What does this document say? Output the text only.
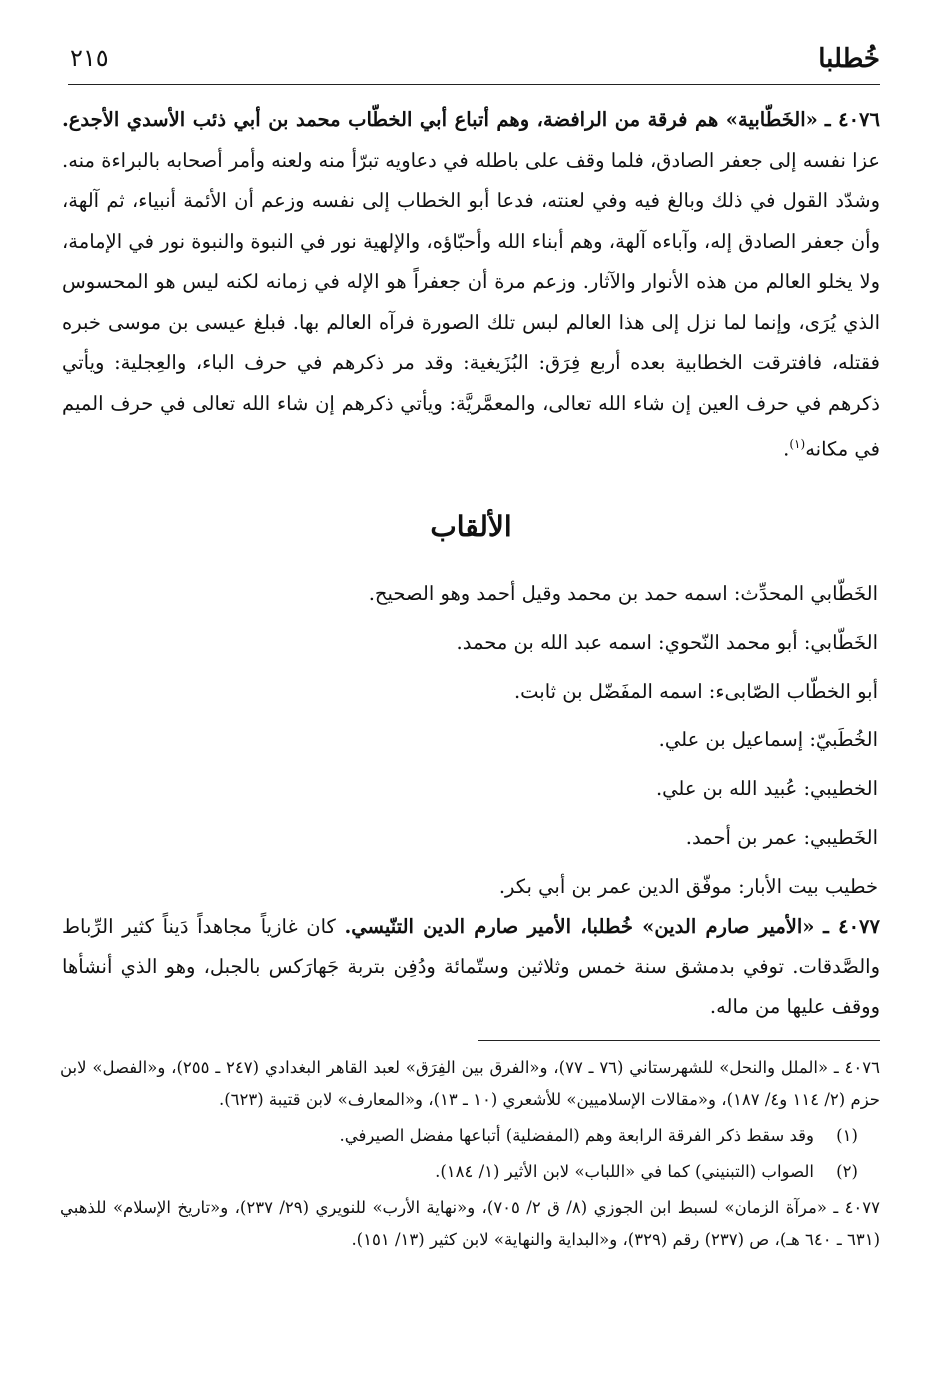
خُطلبا
٢١٥

٤٠٧٦ ـ «الخَطّابية» هم فرقة من الرافضة، وهم أتباع أبي الخطّاب محمد بن أبي ذئب الأسدي الأجدع. عزا نفسه إلى جعفر الصادق، فلما وقف على باطله في دعاويه تبرّأ منه ولعنه وأمر أصحابه بالبراءة منه. وشدّد القول في ذلك وبالغ فيه وفي لعنته، فدعا أبو الخطاب إلى نفسه وزعم أن الأئمة أنبياء، ثم آلهة، وأن جعفر الصادق إله، وآباءه آلهة، وهم أبناء الله وأحبّاؤه، والإلهية نور في النبوة والنبوة نور في الإمامة، ولا يخلو العالم من هذه الأنوار والآثار. وزعم مرة أن جعفراً هو الإله في زمانه لكنه ليس هو المحسوس الذي يُرَى، وإنما لما نزل إلى هذا العالم لبس تلك الصورة فرآه العالم بها. فبلغ عيسى بن موسى خبره فقتله، فافترقت الخطابية بعده أربع فِرَق: البُزَيغية: وقد مر ذكرهم في حرف الباء، والعِجلية: ويأتي ذكرهم في حرف العين إن شاء الله تعالى، والمعمَّريَّة: ويأتي ذكرهم إن شاء الله تعالى في حرف الميم في مكانه$^{(١)}$.

الألقاب
الخَطّابي المحدِّث: اسمه حمد بن محمد وقيل أحمد وهو الصحيح.
الخَطّابي: أبو محمد النّحوي: اسمه عبد الله بن محمد.
أبو الخطّاب الصّابىء: اسمه المفَضّل بن ثابت.
الخُطَبيّ: إسماعيل بن علي.
الخطيبي: عُبيد الله بن علي.
الخَطيبي: عمر بن أحمد.
خطيب بيت الأبار: موفّق الدين عمر بن أبي بكر.

٤٠٧٧ ـ «الأمير صارم الدين» خُطلبا، الأمير صارم الدين التنّيسي. كان غازياً مجاهداً دَيناً كثير الرِّباط والصَّدقات. توفي بدمشق سنة خمس وثلاثين وستّمائة ودُفِن بتربة جَهارَكس بالجبل، وهو الذي أنشأها ووقف عليها من ماله.

٤٠٧٦ ـ «الملل والنحل» للشهرستاني (٧٦ ـ ٧٧)، و«الفرق بين الفِرَق» لعبد القاهر البغدادي (٢٤٧ ـ ٢٥٥)، و«الفصل» لابن حزم (٢/ ١١٤ و٤/ ١٨٧)، و«مقالات الإسلاميين» للأشعري (١٠ ـ ١٣)، و«المعارف» لابن قتيبة (٦٢٣).

(١)
وقد سقط ذكر الفرقة الرابعة وهم (المفضلية) أتباعها مفضل الصيرفي.
(٢)
الصواب (التبنيني) كما في «اللباب» لابن الأثير (١/ ١٨٤).

٤٠٧٧ ـ «مرآة الزمان» لسبط ابن الجوزي (٨/ ق ٢/ ٧٠٥)، و«نهاية الأرب» للنويري (٢٩/ ٢٣٧)، و«تاريخ الإسلام» للذهبي (٦٣١ ـ ٦٤٠ هـ)، ص (٢٣٧) رقم (٣٢٩)، و«البداية والنهاية» لابن كثير (١٣/ ١٥١).
